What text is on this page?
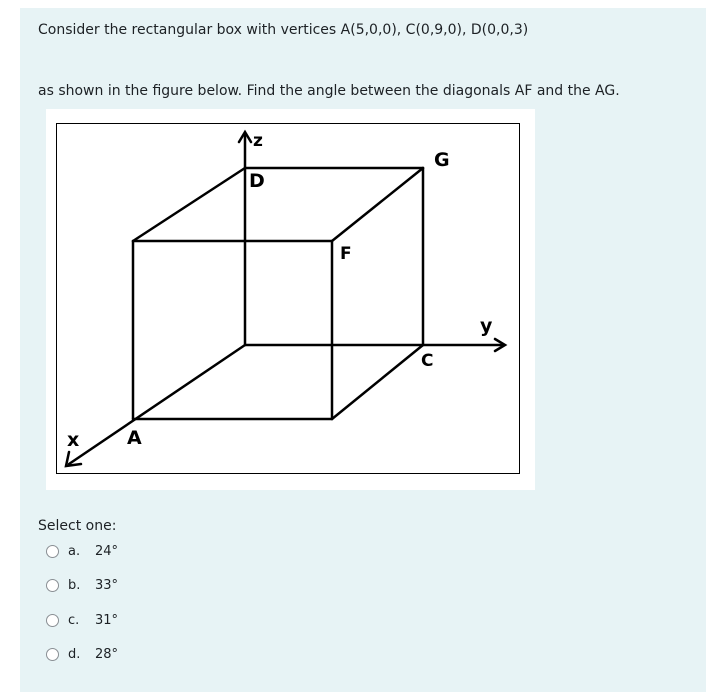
Consider the rectangular box with vertices A(5,0,0), C(0,9,0), D(0,0,3)
as shown in the figure below. Find the angle between the diagonals AF and the AG.
z
D
G
F
y
C
x	A
Select one:
a.	24°
b.	33°
c.	31°
d.	28°
